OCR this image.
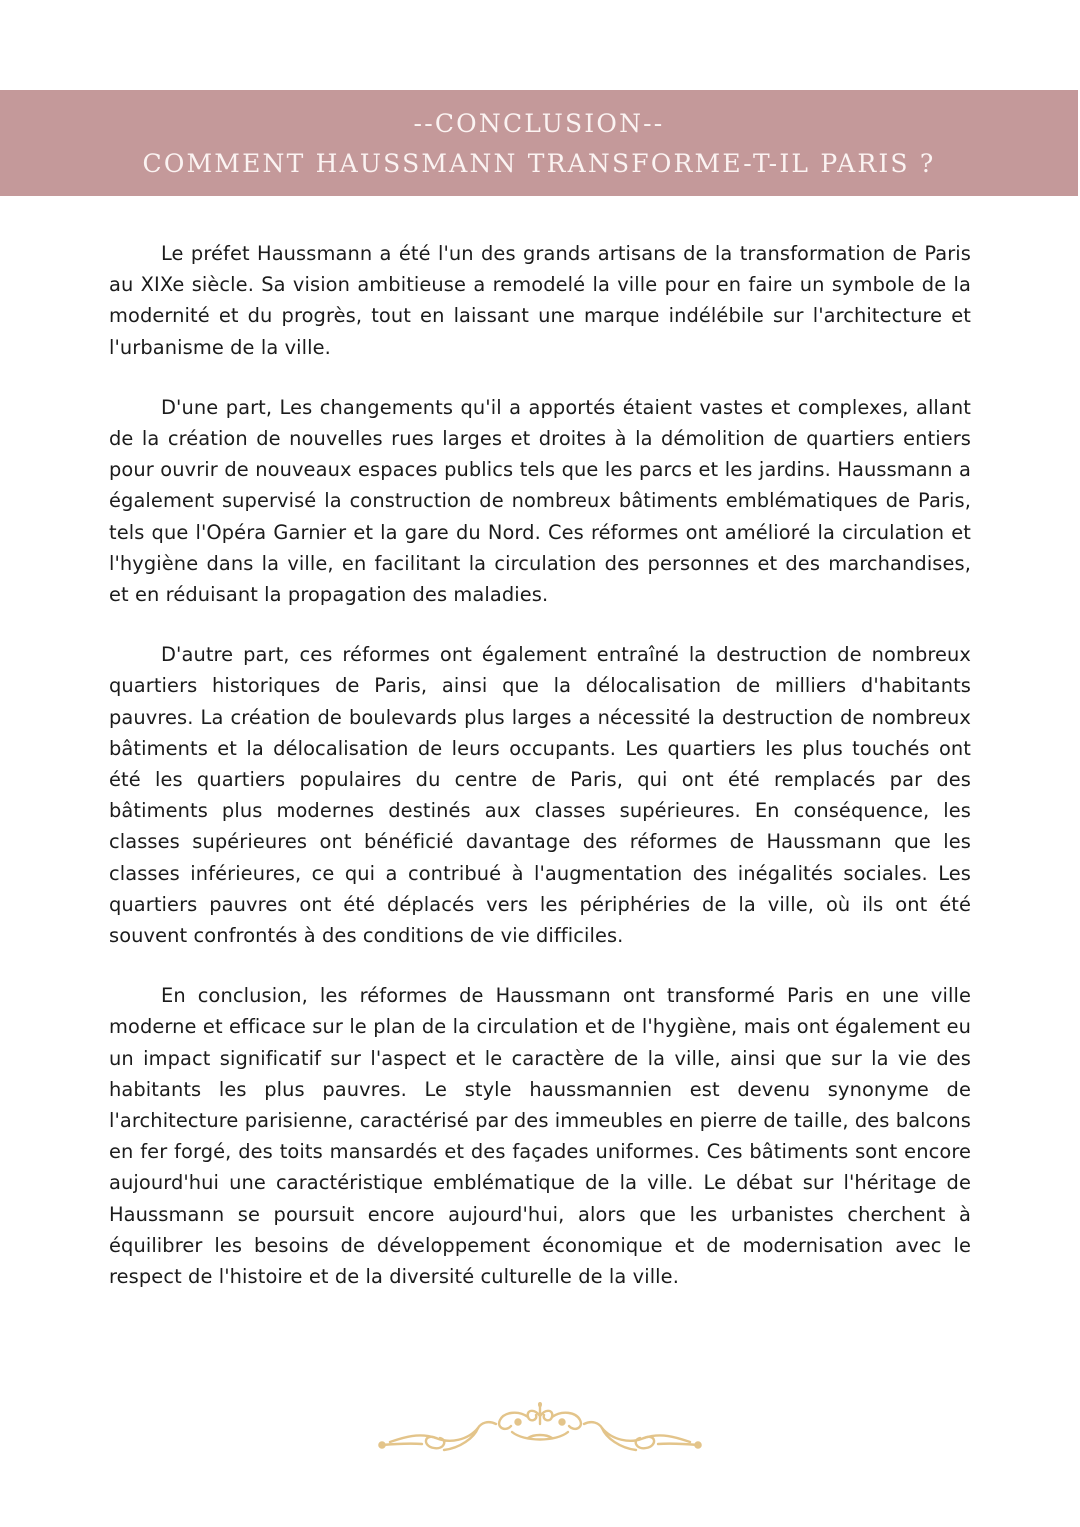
--CONCLUSION--
COMMENT HAUSSMANN TRANSFORME-T-IL PARIS ?

Le préfet Haussmann a été l'un des grands artisans de la transformation de Paris au XIXe siècle. Sa vision ambitieuse a remodelé la ville pour en faire un symbole de la modernité et du progrès, tout en laissant une marque indélébile sur l'architecture et l'urbanisme de la ville.

D'une part, Les changements qu'il a apportés étaient vastes et complexes, allant de la création de nouvelles rues larges et droites à la démolition de quartiers entiers pour ouvrir de nouveaux espaces publics tels que les parcs et les jardins. Haussmann a également supervisé la construction de nombreux bâtiments emblématiques de Paris, tels que l'Opéra Garnier et la gare du Nord. Ces réformes ont amélioré la circulation et l'hygiène dans la ville, en facilitant la circulation des personnes et des marchandises, et en réduisant la propagation des maladies.

D'autre part, ces réformes ont également entraîné la destruction de nombreux quartiers historiques de Paris, ainsi que la délocalisation de milliers d'habitants pauvres. La création de boulevards plus larges a nécessité la destruction de nombreux bâtiments et la délocalisation de leurs occupants. Les quartiers les plus touchés ont été les quartiers populaires du centre de Paris, qui ont été remplacés par des bâtiments plus modernes destinés aux classes supérieures. En conséquence, les classes supérieures ont bénéficié davantage des réformes de Haussmann que les classes inférieures, ce qui a contribué à l'augmentation des inégalités sociales. Les quartiers pauvres ont été déplacés vers les périphéries de la ville, où ils ont été souvent confrontés à des conditions de vie difficiles.

En conclusion, les réformes de Haussmann ont transformé Paris en une ville moderne et efficace sur le plan de la circulation et de l'hygiène, mais ont également eu un impact significatif sur l'aspect et le caractère de la ville, ainsi que sur la vie des habitants les plus pauvres. Le style haussmannien est devenu synonyme de l'architecture parisienne, caractérisé par des immeubles en pierre de taille, des balcons en fer forgé, des toits mansardés et des façades uniformes. Ces bâtiments sont encore aujourd'hui une caractéristique emblématique de la ville. Le débat sur l'héritage de Haussmann se poursuit encore aujourd'hui, alors que les urbanistes cherchent à équilibrer les besoins de développement économique et de modernisation avec le respect de l'histoire et de la diversité culturelle de la ville.
